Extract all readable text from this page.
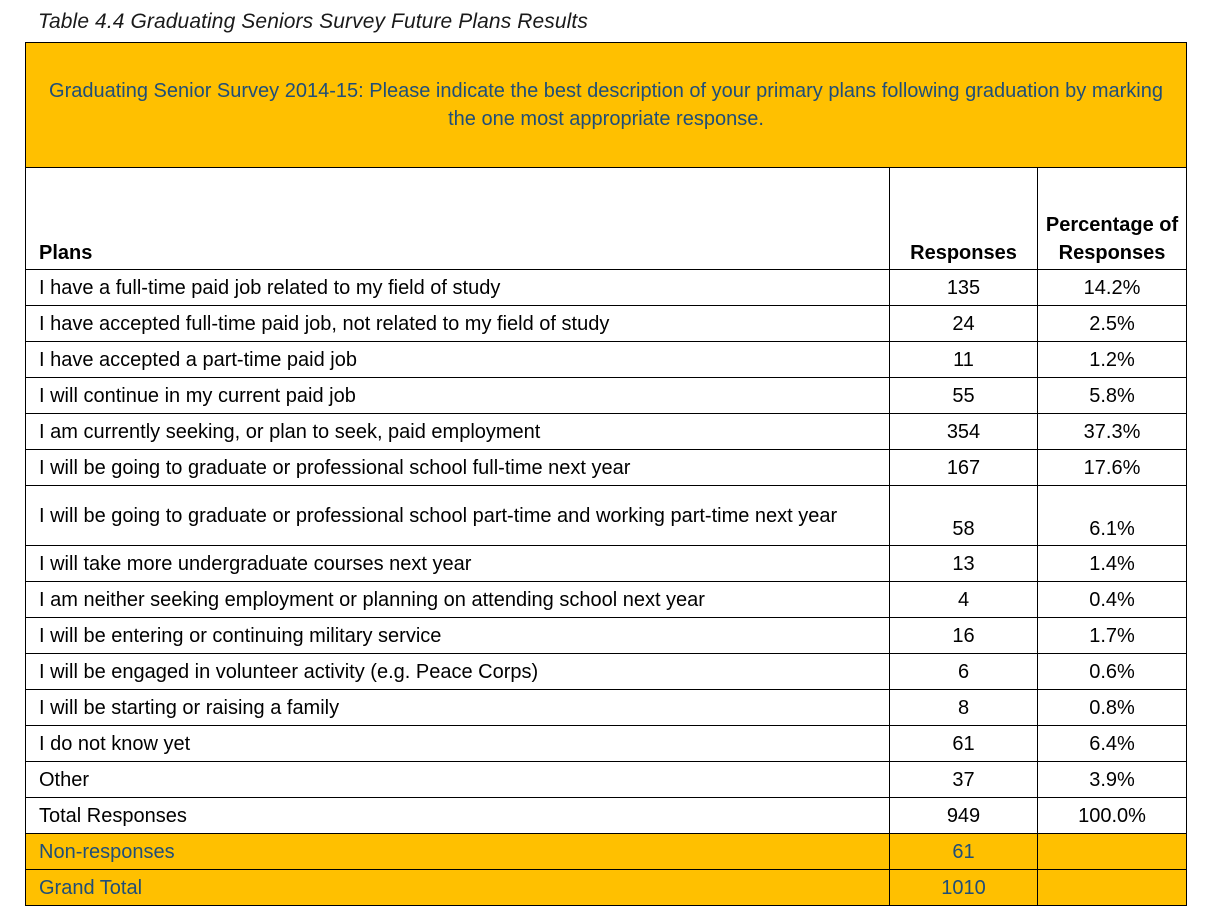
Table 4.4 Graduating Seniors Survey Future Plans Results
Graduating Senior Survey 2014-15: Please indicate the best description of your primary plans following graduation by marking the one most appropriate response.		
Plans	Responses	Percentage of Responses
I have a full-time paid job related to my field of study	135	14.2%
I have accepted full-time paid job, not related to my field of study	24	2.5%
I have accepted a part-time paid job	11	1.2%
I will continue in my current paid job	55	5.8%
I am currently seeking, or plan to seek, paid employment	354	37.3%
I will be going to graduate or professional school full-time next year	167	17.6%
I will be going to graduate or professional school part-time and working part-time next year	58	6.1%
I will take more undergraduate courses next year	13	1.4%
I am neither seeking employment or planning on attending school next year	4	0.4%
I will be entering or continuing military service	16	1.7%
I will be engaged in volunteer activity (e.g. Peace Corps)	6	0.6%
I will be starting or raising a family	8	0.8%
I do not know yet	61	6.4%
Other	37	3.9%
Total Responses	949	100.0%
Non-responses	61	
Grand Total	1010	
